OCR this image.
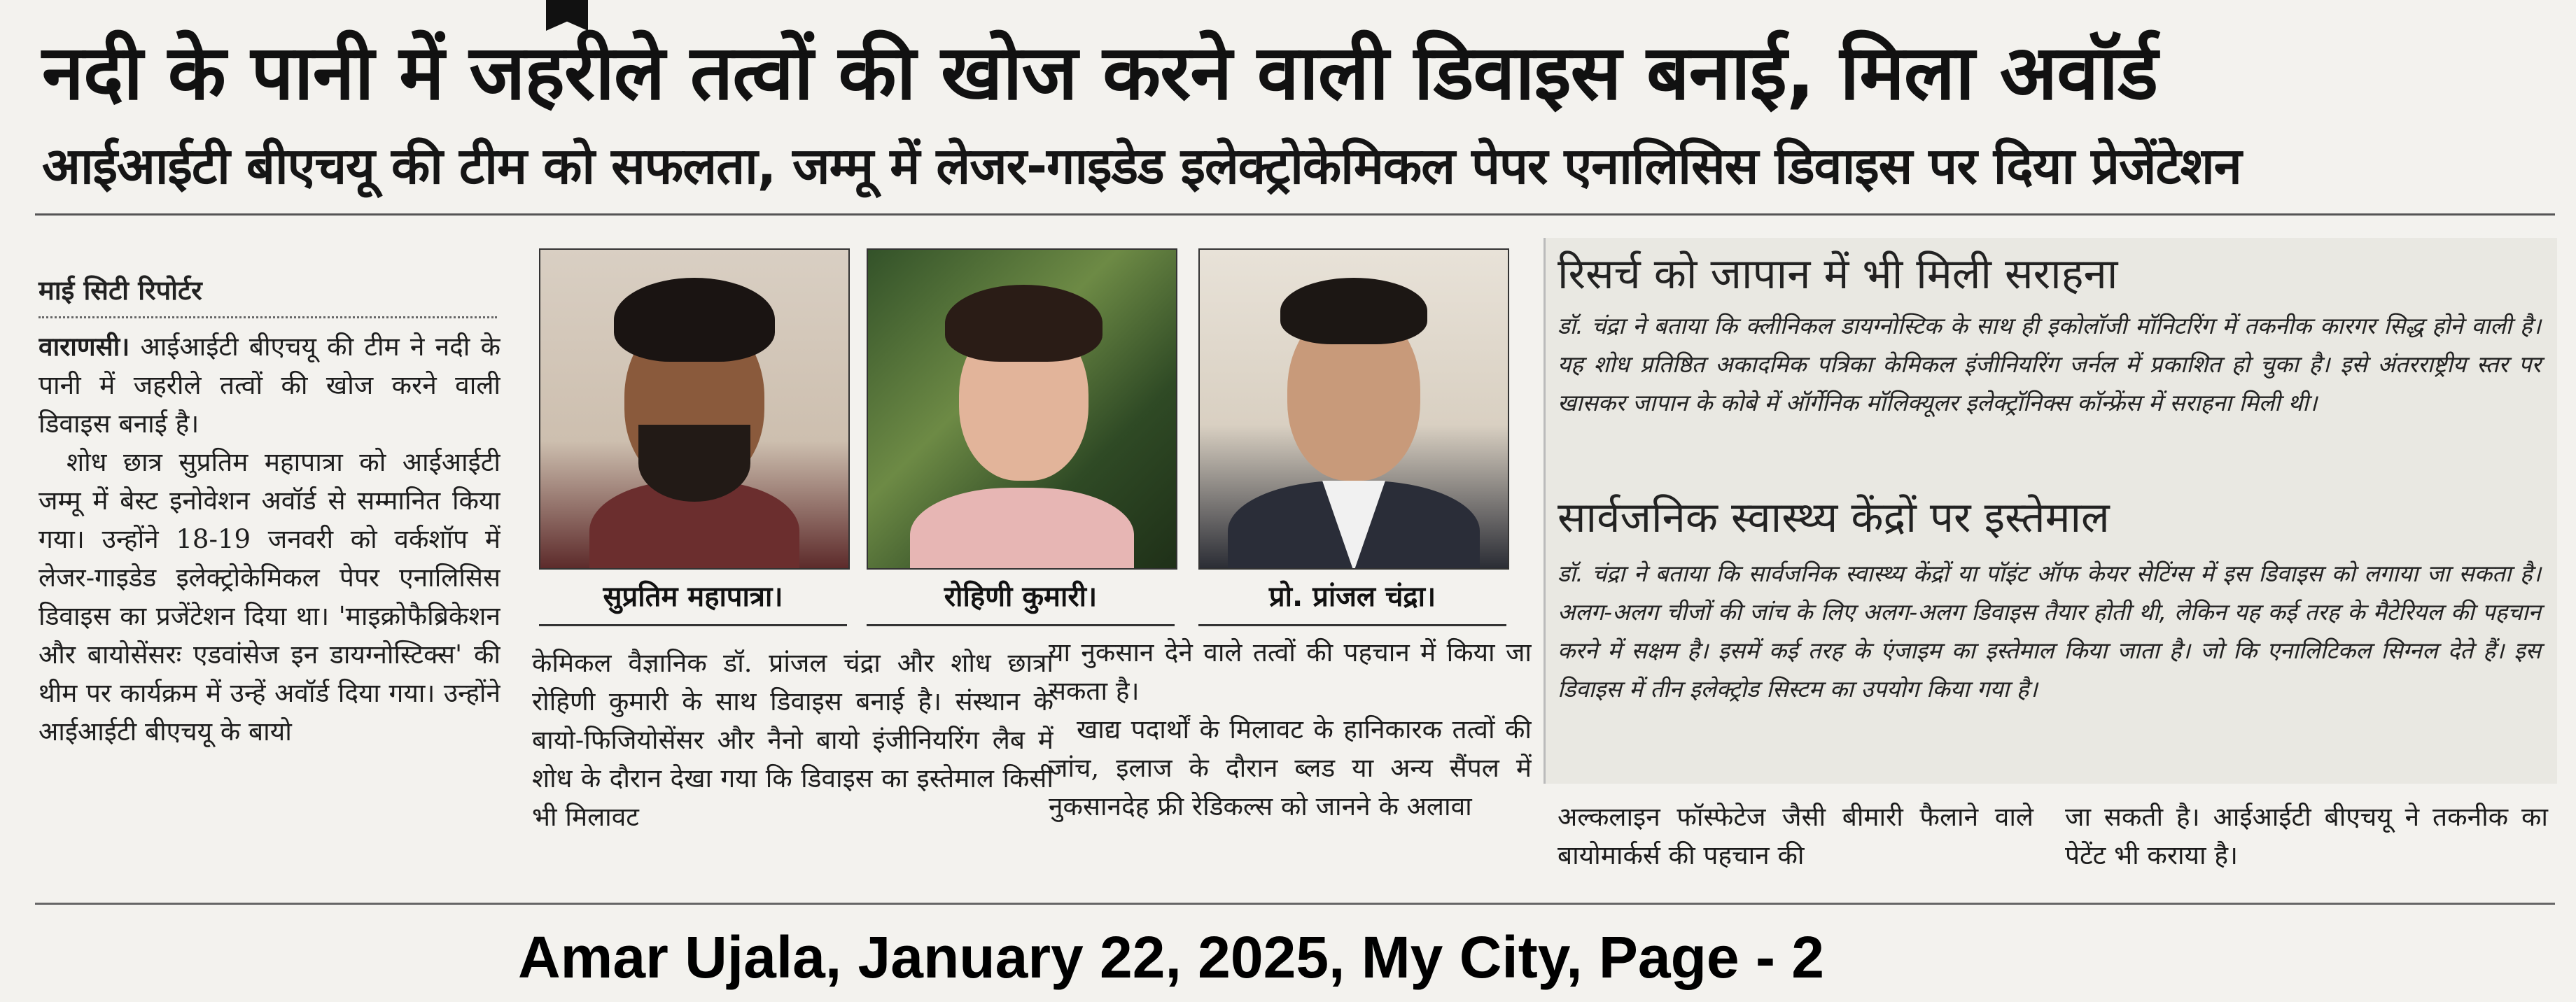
नदी के पानी में जहरीले तत्वों की खोज करने वाली डिवाइस बनाई, मिला अवॉर्ड
आईआईटी बीएचयू की टीम को सफलता, जम्मू में लेजर-गाइडेड इलेक्ट्रोकेमिकल पेपर एनालिसिस डिवाइस पर दिया प्रेजेंटेशन
माई सिटी रिपोर्टर

वाराणसी। आईआईटी बीएचयू की टीम ने नदी के पानी में जहरीले तत्वों की खोज करने वाली डिवाइस बनाई है।

शोध छात्र सुप्रतिम महापात्रा को आईआईटी जम्मू में बेस्ट इनोवेशन अवॉर्ड से सम्मानित किया गया। उन्होंने 18-19 जनवरी को वर्कशॉप में लेजर-गाइडेड इलेक्ट्रोकेमिकल पेपर एनालिसिस डिवाइस का प्रजेंटेशन दिया था। 'माइक्रोफैब्रिकेशन और बायोसेंसरः एडवांसेज इन डायग्नोस्टिक्स' की थीम पर कार्यक्रम में उन्हें अवॉर्ड दिया गया। उन्होंने आईआईटी बीएचयू के बायो

सुप्रतिम महापात्रा।	रोहिणी कुमारी।	प्रो. प्रांजल चंद्रा।

केमिकल वैज्ञानिक डॉ. प्रांजल चंद्रा और शोध छात्रा रोहिणी कुमारी के साथ डिवाइस बनाई है। संस्थान के बायो-फिजियोसेंसर और नैनो बायो इंजीनियरिंग लैब में शोध के दौरान देखा गया कि डिवाइस का इस्तेमाल किसी भी मिलावट

या नुकसान देने वाले तत्वों की पहचान में किया जा सकता है।

खाद्य पदार्थों के मिलावट के हानिकारक तत्वों की जांच, इलाज के दौरान ब्लड या अन्य सैंपल में नुकसानदेह फ्री रेडिकल्स को जानने के अलावा

रिसर्च को जापान में भी मिली सराहना
डॉ. चंद्रा ने बताया कि क्लीनिकल डायग्नोस्टिक के साथ ही इकोलॉजी मॉनिटरिंग में तकनीक कारगर सिद्ध होने वाली है। यह शोध प्रतिष्ठित अकादमिक पत्रिका केमिकल इंजीनियरिंग जर्नल में प्रकाशित हो चुका है। इसे अंतरराष्ट्रीय स्तर पर खासकर जापान के कोबे में ऑर्गेनिक मॉलिक्यूलर इलेक्ट्रॉनिक्स कॉन्फ्रेंस में सराहना मिली थी।
सार्वजनिक स्वास्थ्य केंद्रों पर इस्तेमाल
डॉ. चंद्रा ने बताया कि सार्वजनिक स्वास्थ्य केंद्रों या पॉइंट ऑफ केयर सेटिंग्स में इस डिवाइस को लगाया जा सकता है। अलग-अलग चीजों की जांच के लिए अलग-अलग डिवाइस तैयार होती थी, लेकिन यह कई तरह के मैटेरियल की पहचान करने में सक्षम है। इसमें कई तरह के एंजाइम का इस्तेमाल किया जाता है। जो कि एनालिटिकल सिग्नल देते हैं। इस डिवाइस में तीन इलेक्ट्रोड सिस्टम का उपयोग किया गया है।
अल्कलाइन फॉस्फेटेज जैसी बीमारी फैलाने वाले बायोमार्कर्स की पहचान की
जा सकती है। आईआईटी बीएचयू ने तकनीक का पेटेंट भी कराया है।
Amar Ujala, January 22, 2025, My City, Page - 2
